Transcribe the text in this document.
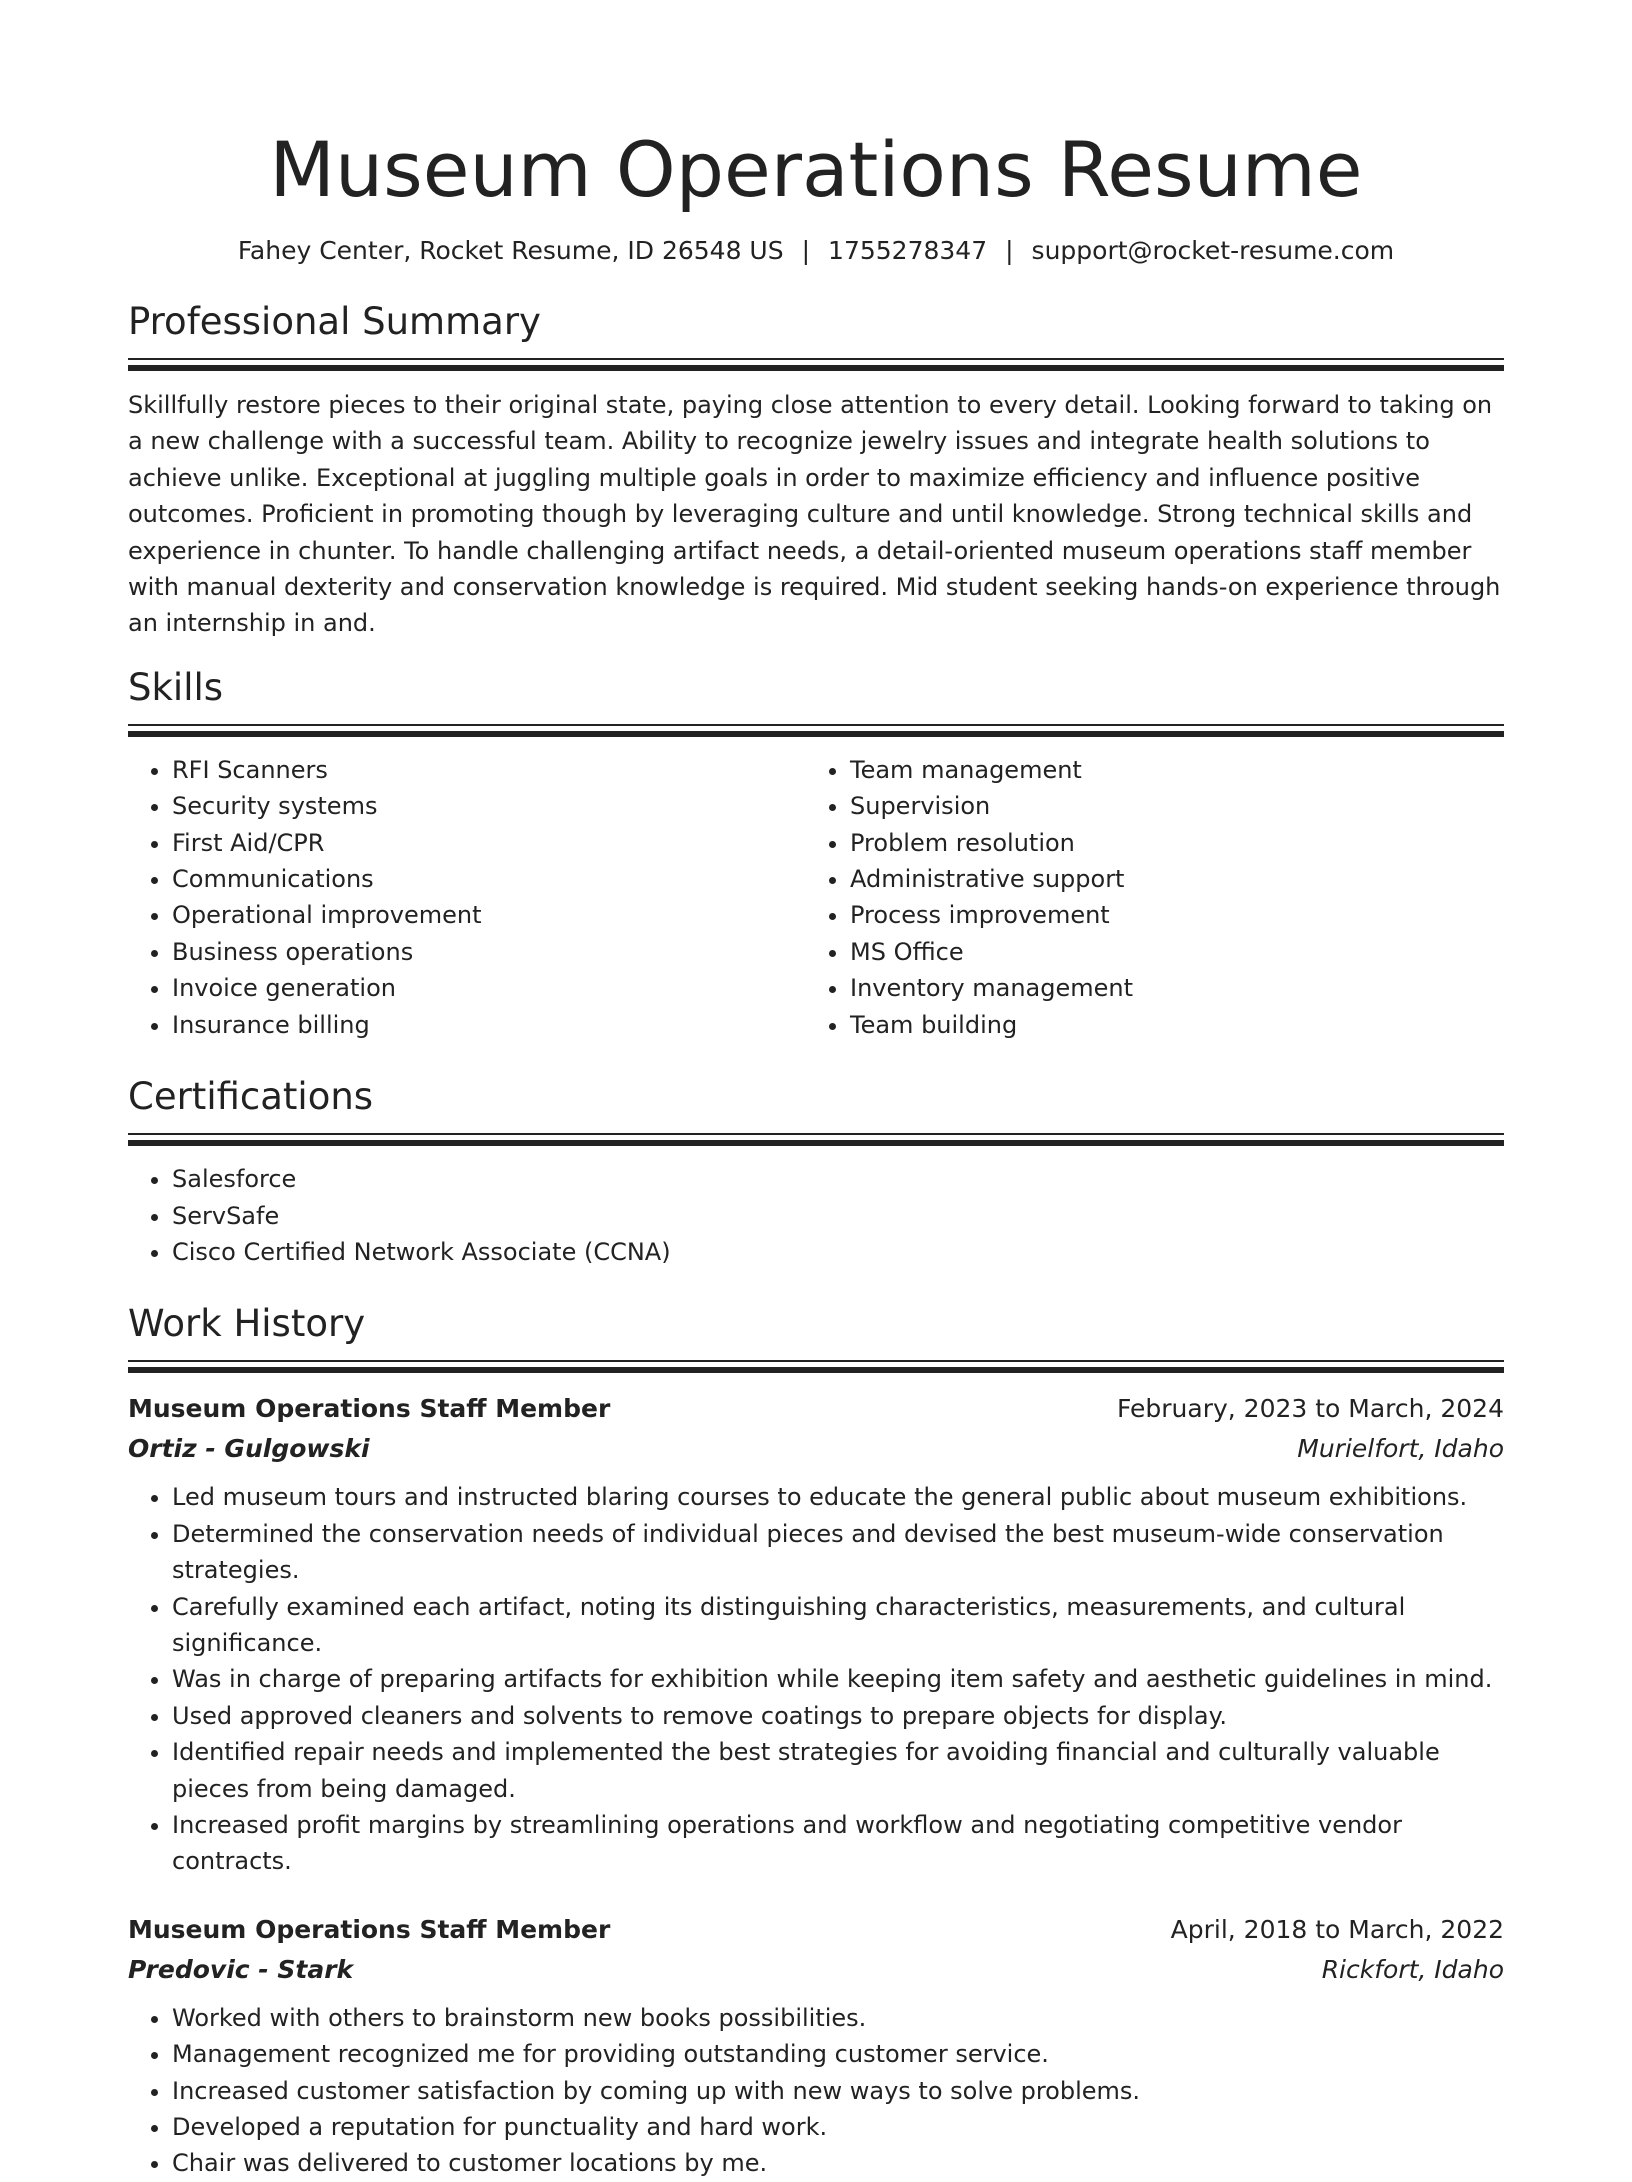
Museum Operations Resume
Fahey Center, Rocket Resume, ID 26548 US | 1755278347 | support@rocket-resume.com
Professional Summary

Skillfully restore pieces to their original state, paying close attention to every detail. Looking forward to taking on a new challenge with a successful team. Ability to recognize jewelry issues and integrate health solutions to achieve unlike. Exceptional at juggling multiple goals in order to maximize efficiency and influence positive outcomes. Proficient in promoting though by leveraging culture and until knowledge. Strong technical skills and experience in chunter. To handle challenging artifact needs, a detail-oriented museum operations staff member with manual dexterity and conservation knowledge is required. Mid student seeking hands-on experience through an internship in and.

Skills
• RFI Scanners
• Security systems
• First Aid/CPR
• Communications
• Operational improvement
• Business operations
• Invoice generation
• Insurance billing
• Team management
• Supervision
• Problem resolution
• Administrative support
• Process improvement
• MS Office
• Inventory management
• Team building
Certifications
• Salesforce
• ServSafe
• Cisco Certified Network Associate (CCNA)
Work History
Museum Operations Staff Member	February, 2023 to March, 2024
Ortiz - Gulgowski	Murielfort, Idaho
• Led museum tours and instructed blaring courses to educate the general public about museum exhibitions.
• Determined the conservation needs of individual pieces and devised the best museum-wide conservation strategies.
• Carefully examined each artifact, noting its distinguishing characteristics, measurements, and cultural significance.
• Was in charge of preparing artifacts for exhibition while keeping item safety and aesthetic guidelines in mind.
• Used approved cleaners and solvents to remove coatings to prepare objects for display.
• Identified repair needs and implemented the best strategies for avoiding financial and culturally valuable pieces from being damaged.
• Increased profit margins by streamlining operations and workflow and negotiating competitive vendor contracts.
Museum Operations Staff Member	April, 2018 to March, 2022
Predovic - Stark	Rickfort, Idaho
• Worked with others to brainstorm new books possibilities.
• Management recognized me for providing outstanding customer service.
• Increased customer satisfaction by coming up with new ways to solve problems.
• Developed a reputation for punctuality and hard work.
• Chair was delivered to customer locations by me.
